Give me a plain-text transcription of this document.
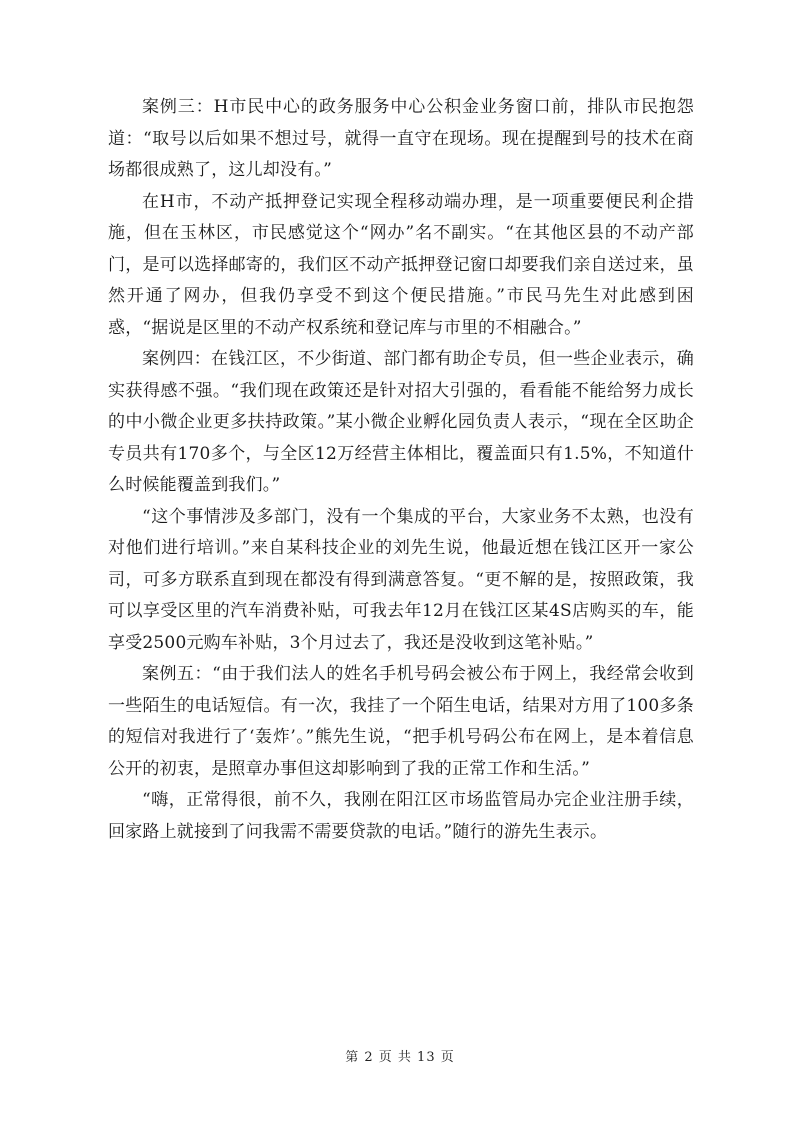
案例三：H市民中心的政务服务中心公积金业务窗口前，排队市民抱怨道：“取号以后如果不想过号，就得一直守在现场。现在提醒到号的技术在商场都很成熟了，这儿却没有。”

在H市，不动产抵押登记实现全程移动端办理，是一项重要便民利企措施，但在玉林区，市民感觉这个“网办”名不副实。“在其他区县的不动产部门，是可以选择邮寄的，我们区不动产抵押登记窗口却要我们亲自送过来，虽然开通了网办，但我仍享受不到这个便民措施。”市民马先生对此感到困惑，“据说是区里的不动产权系统和登记库与市里的不相融合。”

案例四：在钱江区，不少街道、部门都有助企专员，但一些企业表示，确实获得感不强。“我们现在政策还是针对招大引强的，看看能不能给努力成长的中小微企业更多扶持政策。”某小微企业孵化园负责人表示，“现在全区助企专员共有170多个，与全区12万经营主体相比，覆盖面只有1.5%，不知道什么时候能覆盖到我们。”

“这个事情涉及多部门，没有一个集成的平台，大家业务不太熟，也没有对他们进行培训。”来自某科技企业的刘先生说，他最近想在钱江区开一家公司，可多方联系直到现在都没有得到满意答复。“更不解的是，按照政策，我可以享受区里的汽车消费补贴，可我去年12月在钱江区某4S店购买的车，能享受2500元购车补贴，3个月过去了，我还是没收到这笔补贴。”

案例五：“由于我们法人的姓名手机号码会被公布于网上，我经常会收到一些陌生的电话短信。有一次，我挂了一个陌生电话，结果对方用了100多条的短信对我进行了‘轰炸’。”熊先生说，“把手机号码公布在网上，是本着信息公开的初衷，是照章办事但这却影响到了我的正常工作和生活。”

“嗨，正常得很，前不久，我刚在阳江区市场监管局办完企业注册手续，回家路上就接到了问我需不需要贷款的电话。”随行的游先生表示。

第 2 页 共 13 页
